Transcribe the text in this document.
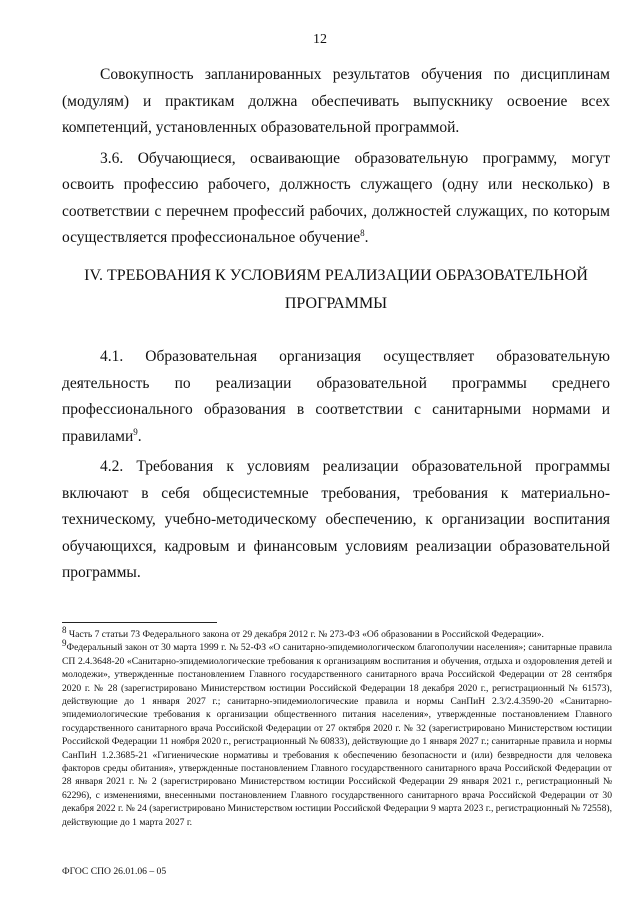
12

Совокупность запланированных результатов обучения по дисциплинам (модулям) и практикам должна обеспечивать выпускнику освоение всех компетенций, установленных образовательной программой.

3.6. Обучающиеся, осваивающие образовательную программу, могут освоить профессию рабочего, должность служащего (одну или несколько) в соответствии с перечнем профессий рабочих, должностей служащих, по которым осуществляется профессиональное обучение$^8$.

IV. ТРЕБОВАНИЯ К УСЛОВИЯМ РЕАЛИЗАЦИИ ОБРАЗОВАТЕЛЬНОЙ
ПРОГРАММЫ

4.1. Образовательная организация осуществляет образовательную деятельность по реализации образовательной программы среднего профессионального образования в соответствии с санитарными нормами и правилами$^9$.

4.2. Требования к условиям реализации образовательной программы включают в себя общесистемные требования, требования к материально-техническому, учебно-методическому обеспечению, к организации воспитания обучающихся, кадровым и финансовым условиям реализации образовательной программы.

$^8$ Часть 7 статьи 73 Федерального закона от 29 декабря 2012 г. № 273-ФЗ «Об образовании в Российской Федерации».

$^9$Федеральный закон от 30 марта 1999 г. № 52-ФЗ «О санитарно-эпидемиологическом благополучии населения»; санитарные правила СП 2.4.3648-20 «Санитарно-эпидемиологические требования к организациям воспитания и обучения, отдыха и оздоровления детей и молодежи», утвержденные постановлением Главного государственного санитарного врача Российской Федерации от 28 сентября 2020 г. № 28 (зарегистрировано Министерством юстиции Российской Федерации 18 декабря 2020 г., регистрационный № 61573), действующие до 1 января 2027 г.; санитарно-эпидемиологические правила и нормы СанПиН 2.3/2.4.3590-20 «Санитарно-эпидемиологические требования к организации общественного питания населения», утвержденные постановлением Главного государственного санитарного врача Российской Федерации от 27 октября 2020 г. № 32 (зарегистрировано Министерством юстиции Российской Федерации 11 ноября 2020 г., регистрационный № 60833), действующие до 1 января 2027 г.; санитарные правила и нормы СанПиН 1.2.3685-21 «Гигиенические нормативы и требования к обеспечению безопасности и (или) безвредности для человека факторов среды обитания», утвержденные постановлением Главного государственного санитарного врача Российской Федерации от 28 января 2021 г. № 2 (зарегистрировано Министерством юстиции Российской Федерации 29 января 2021 г., регистрационный № 62296), с изменениями, внесенными постановлением Главного государственного санитарного врача Российской Федерации от 30 декабря 2022 г. № 24 (зарегистрировано Министерством юстиции Российской Федерации 9 марта 2023 г., регистрационный № 72558), действующие до 1 марта 2027 г.

ФГОС СПО 26.01.06 – 05
